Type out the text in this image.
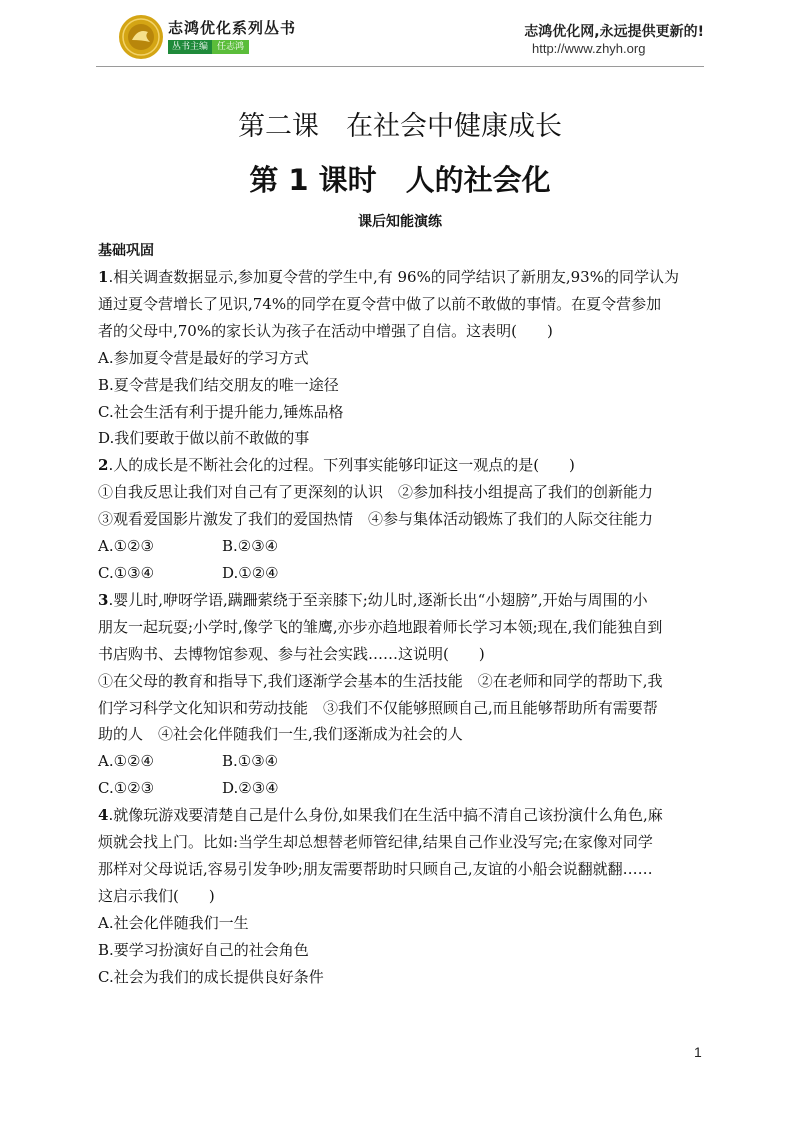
志鸿优化系列丛书
丛书主编	任志鸿
志鸿优化网,永远提供更新的!
http://www.zhyh.org
第二课　在社会中健康成长
第 1 课时　人的社会化
课后知能演练
基础巩固
1.相关调查数据显示,参加夏令营的学生中,有 96%的同学结识了新朋友,93%的同学认为
通过夏令营增长了见识,74%的同学在夏令营中做了以前不敢做的事情。在夏令营参加
者的父母中,70%的家长认为孩子在活动中增强了自信。这表明(　　)
A.参加夏令营是最好的学习方式
B.夏令营是我们结交朋友的唯一途径
C.社会生活有利于提升能力,锤炼品格
D.我们要敢于做以前不敢做的事
2.人的成长是不断社会化的过程。下列事实能够印证这一观点的是(　　)
①自我反思让我们对自己有了更深刻的认识　②参加科技小组提高了我们的创新能力
③观看爱国影片激发了我们的爱国热情　④参与集体活动锻炼了我们的人际交往能力
A.①②③	B.②③④
C.①③④	D.①②④
3.婴儿时,咿呀学语,蹒跚萦绕于至亲膝下;幼儿时,逐渐长出“小翅膀”,开始与周围的小
朋友一起玩耍;小学时,像学飞的雏鹰,亦步亦趋地跟着师长学习本领;现在,我们能独自到
书店购书、去博物馆参观、参与社会实践……这说明(　　)
①在父母的教育和指导下,我们逐渐学会基本的生活技能　②在老师和同学的帮助下,我
们学习科学文化知识和劳动技能　③我们不仅能够照顾自己,而且能够帮助所有需要帮
助的人　④社会化伴随我们一生,我们逐渐成为社会的人
A.①②④	B.①③④
C.①②③	D.②③④
4.就像玩游戏要清楚自己是什么身份,如果我们在生活中搞不清自己该扮演什么角色,麻
烦就会找上门。比如:当学生却总想替老师管纪律,结果自己作业没写完;在家像对同学
那样对父母说话,容易引发争吵;朋友需要帮助时只顾自己,友谊的小船会说翻就翻……
这启示我们(　　)
A.社会化伴随我们一生
B.要学习扮演好自己的社会角色
C.社会为我们的成长提供良好条件
1
